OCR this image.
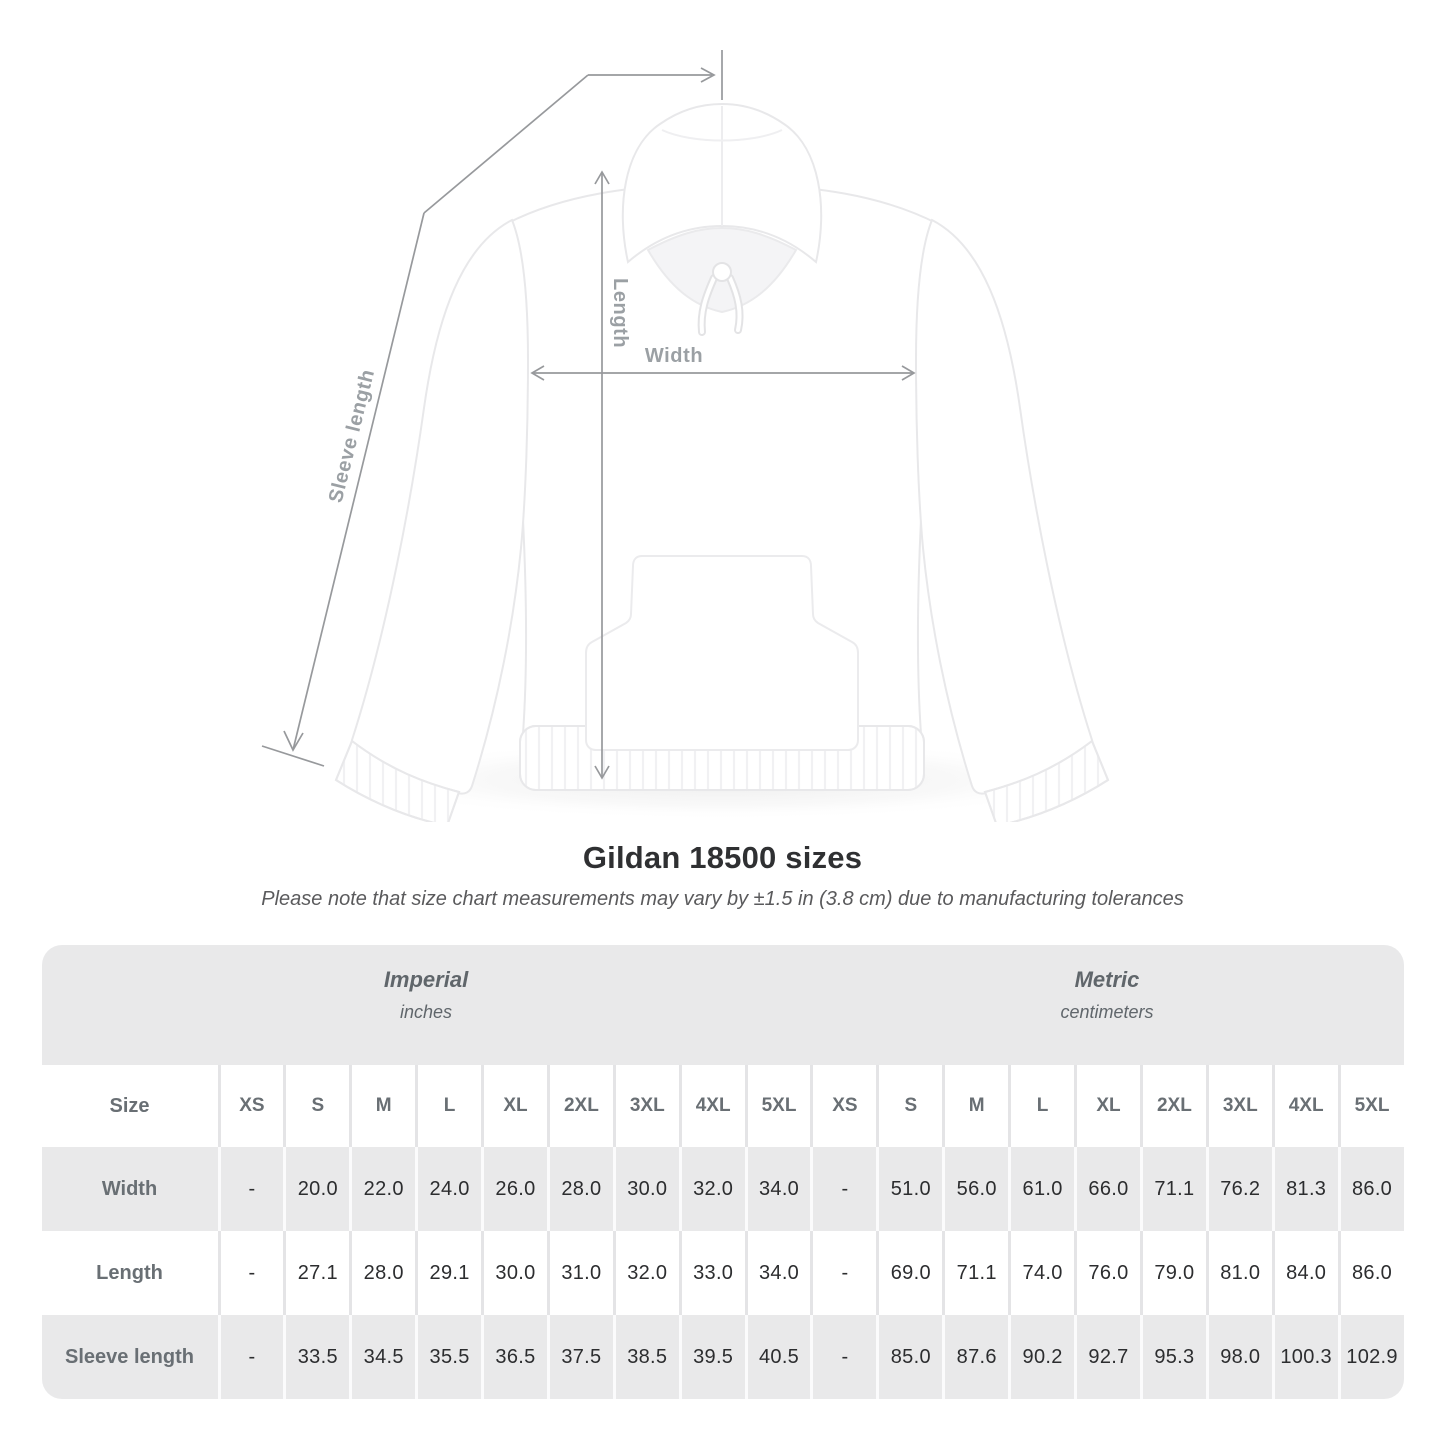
Length
Width
Sleeve length
Gildan 18500 sizes
Please note that size chart measurements may vary by ±1.5 in (3.8 cm) due to manufacturing tolerances
Imperial
inches
Metric
centimeters
Size	XS	S	M	L	XL	2XL	3XL	4XL	5XL	XS	S	M	L	XL	2XL	3XL	4XL	5XL
Width	-	20.0	22.0	24.0	26.0	28.0	30.0	32.0	34.0	-	51.0	56.0	61.0	66.0	71.1	76.2	81.3	86.0
Length	-	27.1	28.0	29.1	30.0	31.0	32.0	33.0	34.0	-	69.0	71.1	74.0	76.0	79.0	81.0	84.0	86.0
Sleeve length	-	33.5	34.5	35.5	36.5	37.5	38.5	39.5	40.5	-	85.0	87.6	90.2	92.7	95.3	98.0	100.3 102.9
